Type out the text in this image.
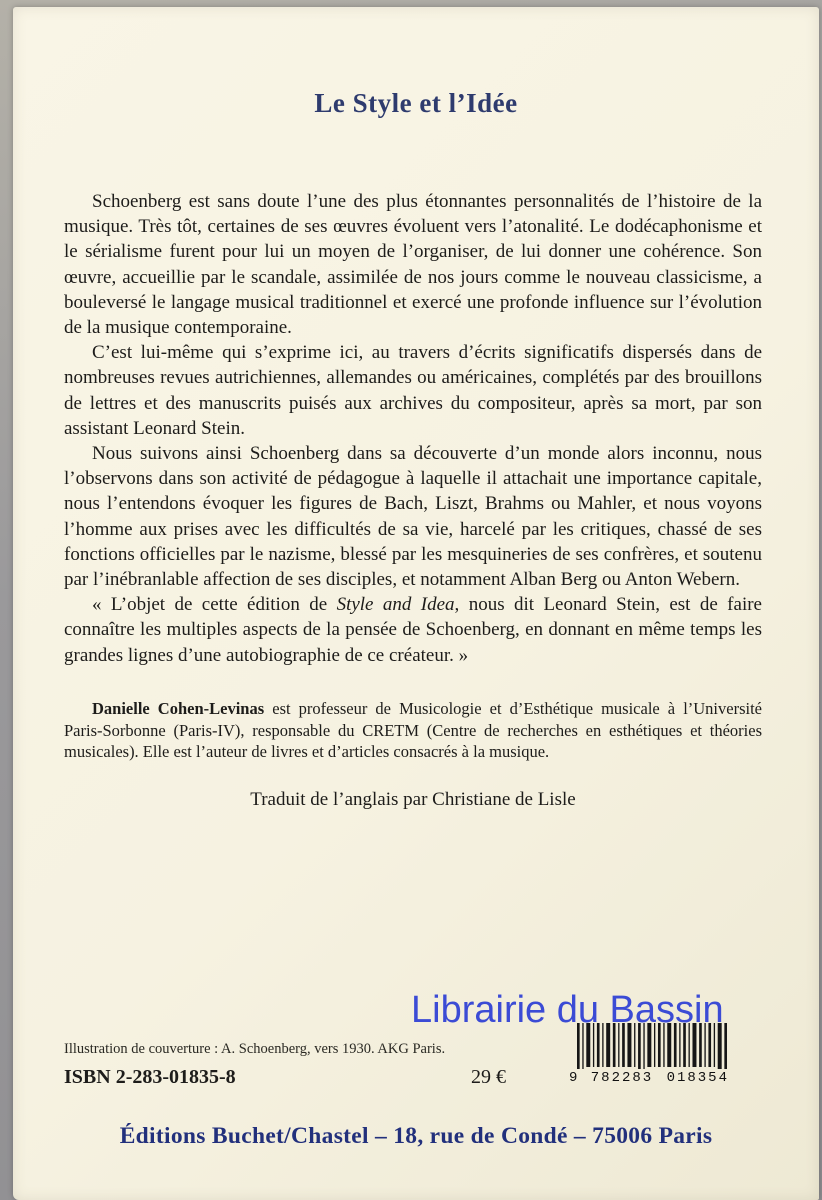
Le Style et l’Idée

Schoenberg est sans doute l’une des plus étonnantes personnalités de l’histoire de la musique. Très tôt, certaines de ses œuvres évoluent vers l’atonalité. Le dodécaphonisme et le sérialisme furent pour lui un moyen de l’organiser, de lui donner une cohérence. Son œuvre, accueillie par le scandale, assimilée de nos jours comme le nouveau classicisme, a bouleversé le langage musical traditionnel et exercé une profonde influence sur l’évolution de la musique contemporaine.

C’est lui-même qui s’exprime ici, au travers d’écrits significatifs dispersés dans de nombreuses revues autrichiennes, allemandes ou américaines, complétés par des brouillons de lettres et des manuscrits puisés aux archives du compositeur, après sa mort, par son assistant Leonard Stein.

Nous suivons ainsi Schoenberg dans sa découverte d’un monde alors inconnu, nous l’observons dans son activité de pédagogue à laquelle il attachait une importance capitale, nous l’entendons évoquer les figures de Bach, Liszt, Brahms ou Mahler, et nous voyons l’homme aux prises avec les difficultés de sa vie, harcelé par les critiques, chassé de ses fonctions officielles par le nazisme, blessé par les mesquineries de ses confrères, et soutenu par l’inébranlable affection de ses disciples, et notamment Alban Berg ou Anton Webern.

« L’objet de cette édition de Style and Idea, nous dit Leonard Stein, est de faire connaître les multiples aspects de la pensée de Schoenberg, en donnant en même temps les grandes lignes d’une autobiographie de ce créateur. »

Danielle Cohen-Levinas est professeur de Musicologie et d’Esthétique musicale à l’Université Paris-Sorbonne (Paris-IV), responsable du CRETM (Centre de recherches en esthétiques et théories musicales). Elle est l’auteur de livres et d’articles consacrés à la musique.
Traduit de l’anglais par Christiane de Lisle
Librairie du Bassin
Illustration de couverture : A. Schoenberg, vers 1930. AKG Paris.
ISBN 2-283-01835-8	29 €	9 782283 018354
Éditions Buchet/Chastel – 18, rue de Condé – 75006 Paris
